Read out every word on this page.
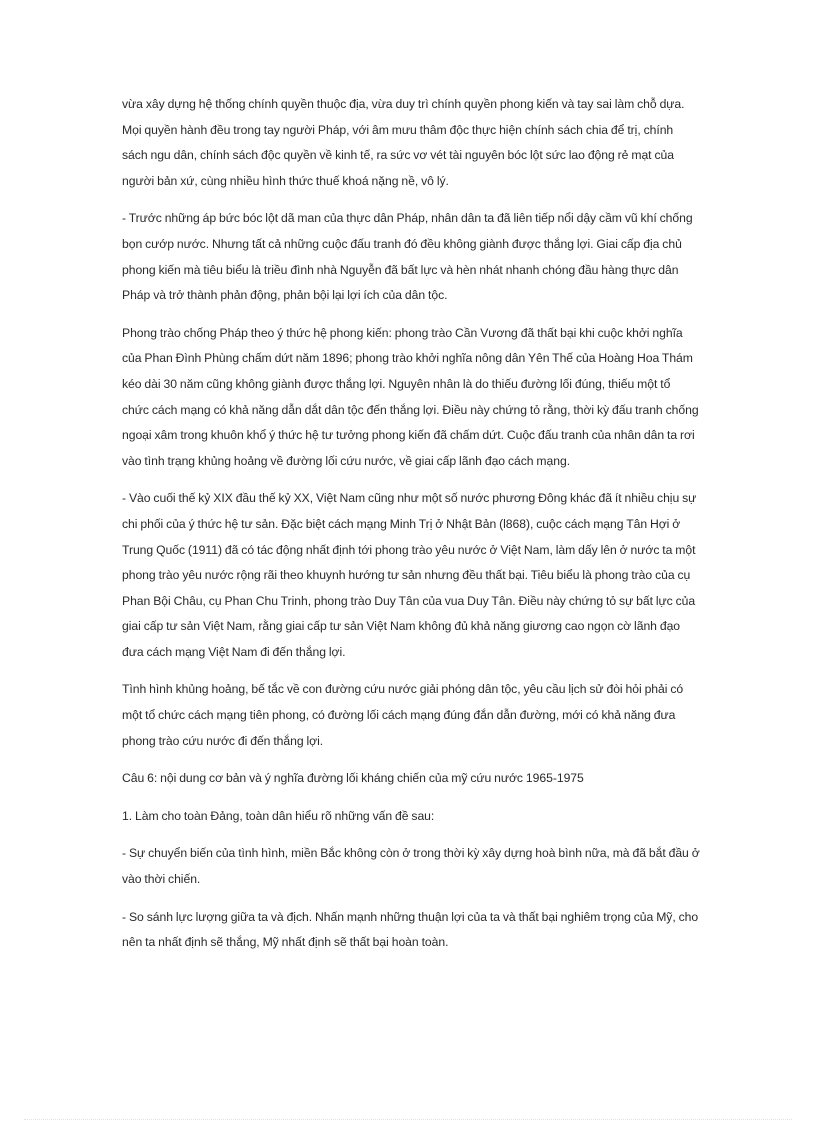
vừa xây dựng hệ thống chính quyền thuộc địa, vừa duy trì chính quyền phong kiến và tay sai làm chỗ dựa. Mọi quyền hành đều trong tay người Pháp, với âm mưu thâm độc thực hiện chính sách chia để trị, chính sách ngu dân, chính sách độc quyền về kinh tế, ra sức vơ vét tài nguyên bóc lột sức lao động rẻ mạt của người bản xứ, cùng nhiều hình thức thuế khoá nặng nề, vô lý.

- Trước những áp bức bóc lột dã man của thực dân Pháp, nhân dân ta đã liên tiếp nổi dậy cầm vũ khí chống bọn cướp nước. Nhưng tất cả những cuộc đấu tranh đó đều không giành được thắng lợi. Giai cấp địa chủ phong kiến mà tiêu biểu là triều đình nhà Nguyễn đã bất lực và hèn nhát nhanh chóng đầu hàng thực dân Pháp và trở thành phản động, phản bội lại lợi ích của dân tộc.

Phong trào chống Pháp theo ý thức hệ phong kiến: phong trào Cần Vương đã thất bại khi cuộc khởi nghĩa của Phan Đình Phùng chấm dứt năm 1896; phong trào khởi nghĩa nông dân Yên Thế của Hoàng Hoa Thám kéo dài 30 năm cũng không giành được thắng lợi. Nguyên nhân là do thiếu đường lối đúng, thiếu một tổ chức cách mạng có khả năng dẫn dắt dân tộc đến thắng lợi. Điều này chứng tỏ rằng, thời kỳ đấu tranh chống ngoại xâm trong khuôn khổ ý thức hệ tư tưởng phong kiến đã chấm dứt. Cuộc đấu tranh của nhân dân ta rơi vào tình trạng khủng hoảng về đường lối cứu nước, về giai cấp lãnh đạo cách mạng.

- Vào cuối thế kỷ XIX đầu thế kỷ XX, Việt Nam cũng như một số nước phương Đông khác đã ít nhiều chịu sự chi phối của ý thức hệ tư sản. Đặc biệt cách mạng Minh Trị ở Nhật Bản (l868), cuộc cách mạng Tân Hợi ở Trung Quốc (1911) đã có tác động nhất định tới phong trào yêu nước ở Việt Nam, làm dấy lên ở nước ta một phong trào yêu nước rộng rãi theo khuynh hướng tư sản nhưng đều thất bại. Tiêu biểu là phong trào của cụ Phan Bội Châu, cụ Phan Chu Trinh, phong trào Duy Tân của vua Duy Tân. Điều này chứng tỏ sự bất lực của giai cấp tư sản Việt Nam, rằng giai cấp tư sản Việt Nam không đủ khả năng giương cao ngọn cờ lãnh đạo đưa cách mạng Việt Nam đi đến thắng lợi.

Tình hình khủng hoảng, bế tắc về con đường cứu nước giải phóng dân tộc, yêu cầu lịch sử đòi hỏi phải có một tổ chức cách mạng tiên phong, có đường lối cách mạng đúng đắn dẫn đường, mới có khả năng đưa phong trào cứu nước đi đến thắng lợi.

Câu 6: nội dung cơ bản và ý nghĩa đường lối kháng chiến của mỹ cứu nước 1965-1975

1. Làm cho toàn Đảng, toàn dân hiểu rõ những vấn đề sau:

- Sự chuyển biến của tình hình, miền Bắc không còn ở trong thời kỳ xây dựng hoà bình nữa, mà đã bắt đầu ở vào thời chiến.

- So sánh lực lượng giữa ta và địch. Nhấn mạnh những thuận lợi của ta và thất bại nghiêm trọng của Mỹ, cho nên ta nhất định sẽ thắng, Mỹ nhất định sẽ thất bại hoàn toàn.
